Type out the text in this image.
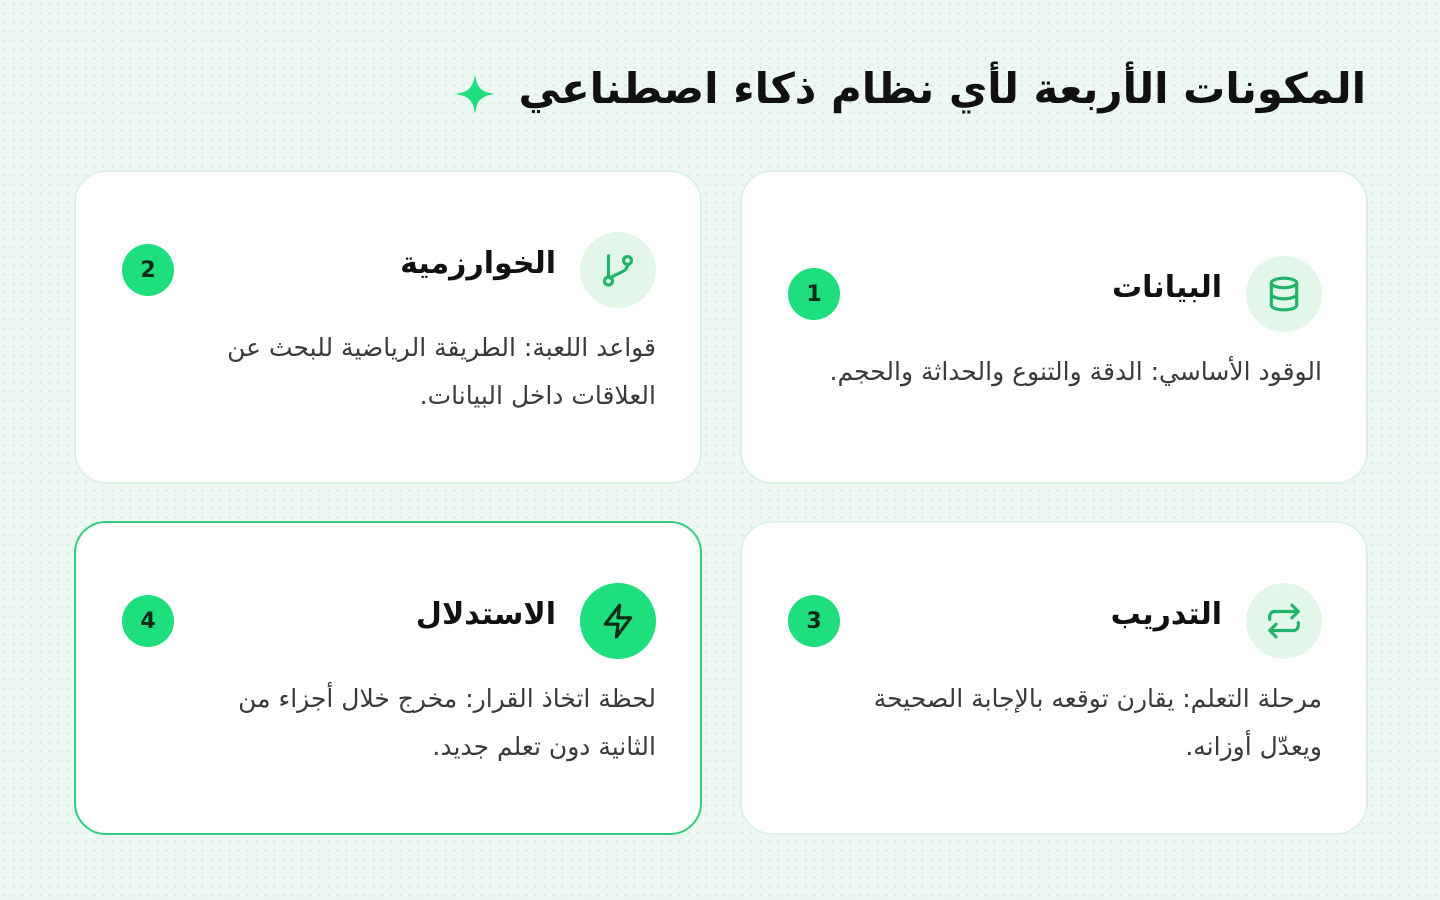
المكونات الأربعة لأي نظام ذكاء اصطناعي
البيانات
1
الوقود الأساسي: الدقة والتنوع والحداثة والحجم.
الخوارزمية
2
قواعد اللعبة: الطريقة الرياضية للبحث عن العلاقات داخل البيانات.
التدريب
3
مرحلة التعلم: يقارن توقعه بالإجابة الصحيحة ويعدّل أوزانه.
الاستدلال
4
لحظة اتخاذ القرار: مخرج خلال أجزاء من الثانية دون تعلم جديد.
